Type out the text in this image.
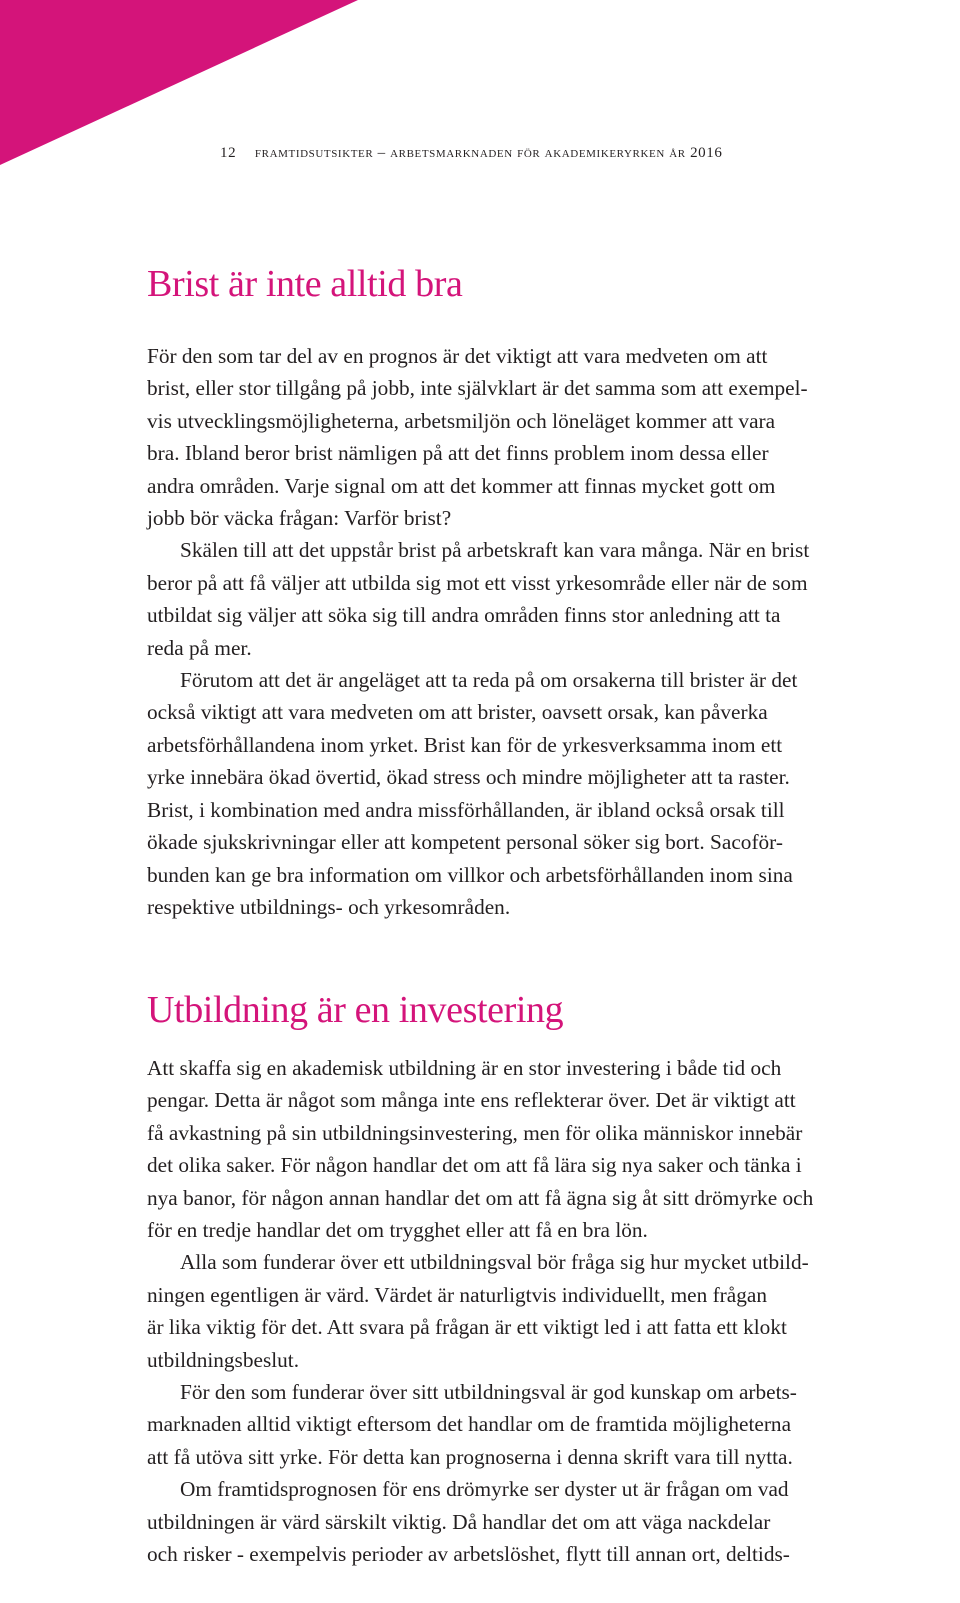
12 framtidsutsikter – arbetsmarknaden för akademikeryrken år 2016
Brist är inte alltid bra
För den som tar del av en prognos är det viktigt att vara medveten om att
brist, eller stor tillgång på jobb, inte självklart är det samma som att exempel-
vis utvecklingsmöjligheterna, arbetsmiljön och löneläget kommer att vara
bra. Ibland beror brist nämligen på att det finns problem inom dessa eller
andra områden. Varje signal om att det kommer att finnas mycket gott om
jobb bör väcka frågan: Varför brist?
Skälen till att det uppstår brist på arbetskraft kan vara många. När en brist
beror på att få väljer att utbilda sig mot ett visst yrkesområde eller när de som
utbildat sig väljer att söka sig till andra områden finns stor anledning att ta
reda på mer.
Förutom att det är angeläget att ta reda på om orsakerna till brister är det
också viktigt att vara medveten om att brister, oavsett orsak, kan påverka
arbetsförhållandena inom yrket. Brist kan för de yrkesverksamma inom ett
yrke innebära ökad övertid, ökad stress och mindre möjligheter att ta raster.
Brist, i kombination med andra missförhållanden, är ibland också orsak till
ökade sjukskrivningar eller att kompetent personal söker sig bort. Sacoför-
bunden kan ge bra information om villkor och arbetsförhållanden inom sina
respektive utbildnings- och yrkesområden.
Utbildning är en investering
Att skaffa sig en akademisk utbildning är en stor investering i både tid och
pengar. Detta är något som många inte ens reflekterar över. Det är viktigt att
få avkastning på sin utbildningsinvestering, men för olika människor innebär
det olika saker. För någon handlar det om att få lära sig nya saker och tänka i
nya banor, för någon annan handlar det om att få ägna sig åt sitt drömyrke och
för en tredje handlar det om trygghet eller att få en bra lön.
Alla som funderar över ett utbildningsval bör fråga sig hur mycket utbild-
ningen egentligen är värd. Värdet är naturligtvis individuellt, men frågan
är lika viktig för det. Att svara på frågan är ett viktigt led i att fatta ett klokt
utbildningsbeslut.
För den som funderar över sitt utbildningsval är god kunskap om arbets-
marknaden alltid viktigt eftersom det handlar om de framtida möjligheterna
att få utöva sitt yrke. För detta kan prognoserna i denna skrift vara till nytta.
Om framtidsprognosen för ens drömyrke ser dyster ut är frågan om vad
utbildningen är värd särskilt viktig. Då handlar det om att väga nackdelar
och risker - exempelvis perioder av arbetslöshet, flytt till annan ort, deltids-
